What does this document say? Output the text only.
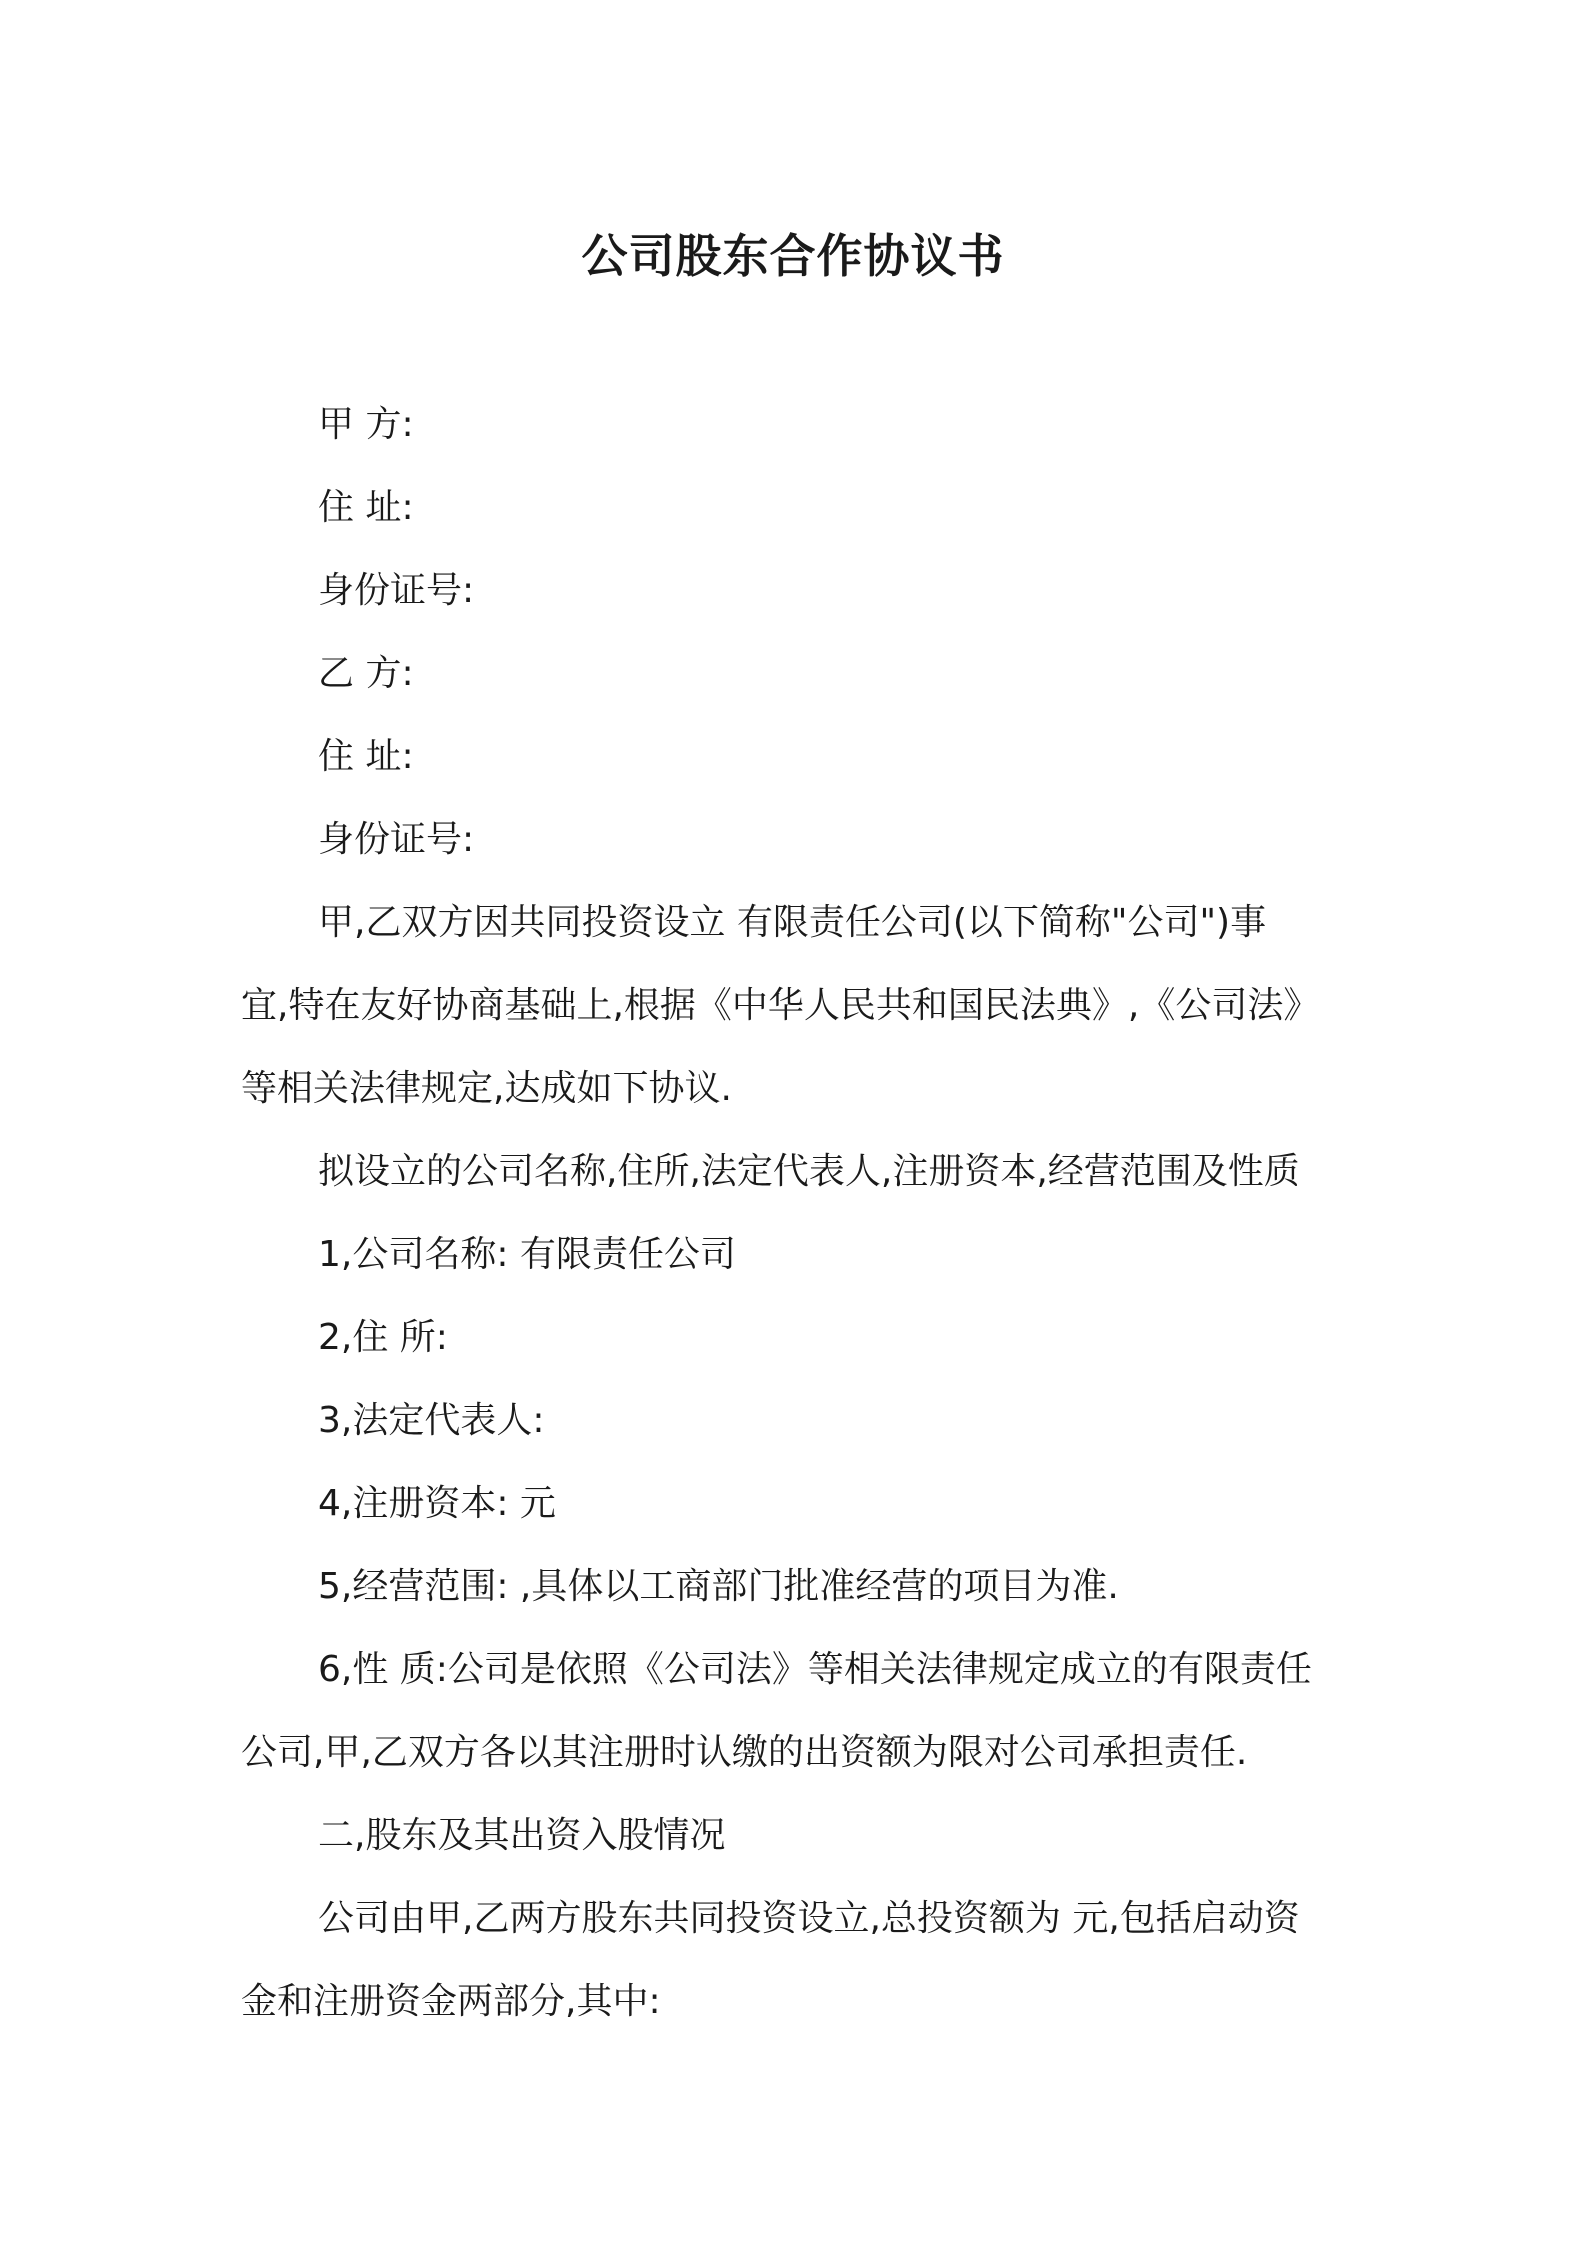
公司股东合作协议书
甲 方:
住 址:
身份证号:
乙 方:
住 址:
身份证号:
甲,乙双方因共同投资设立 有限责任公司(以下简称"公司")事
宜,特在友好协商基础上,根据《中华人民共和国民法典》,《公司法》
等相关法律规定,达成如下协议.
拟设立的公司名称,住所,法定代表人,注册资本,经营范围及性质
1,公司名称: 有限责任公司
2,住 所:
3,法定代表人:
4,注册资本: 元
5,经营范围: ,具体以工商部门批准经营的项目为准.
6,性 质:公司是依照《公司法》等相关法律规定成立的有限责任
公司,甲,乙双方各以其注册时认缴的出资额为限对公司承担责任.
二,股东及其出资入股情况
公司由甲,乙两方股东共同投资设立,总投资额为 元,包括启动资
金和注册资金两部分,其中:
